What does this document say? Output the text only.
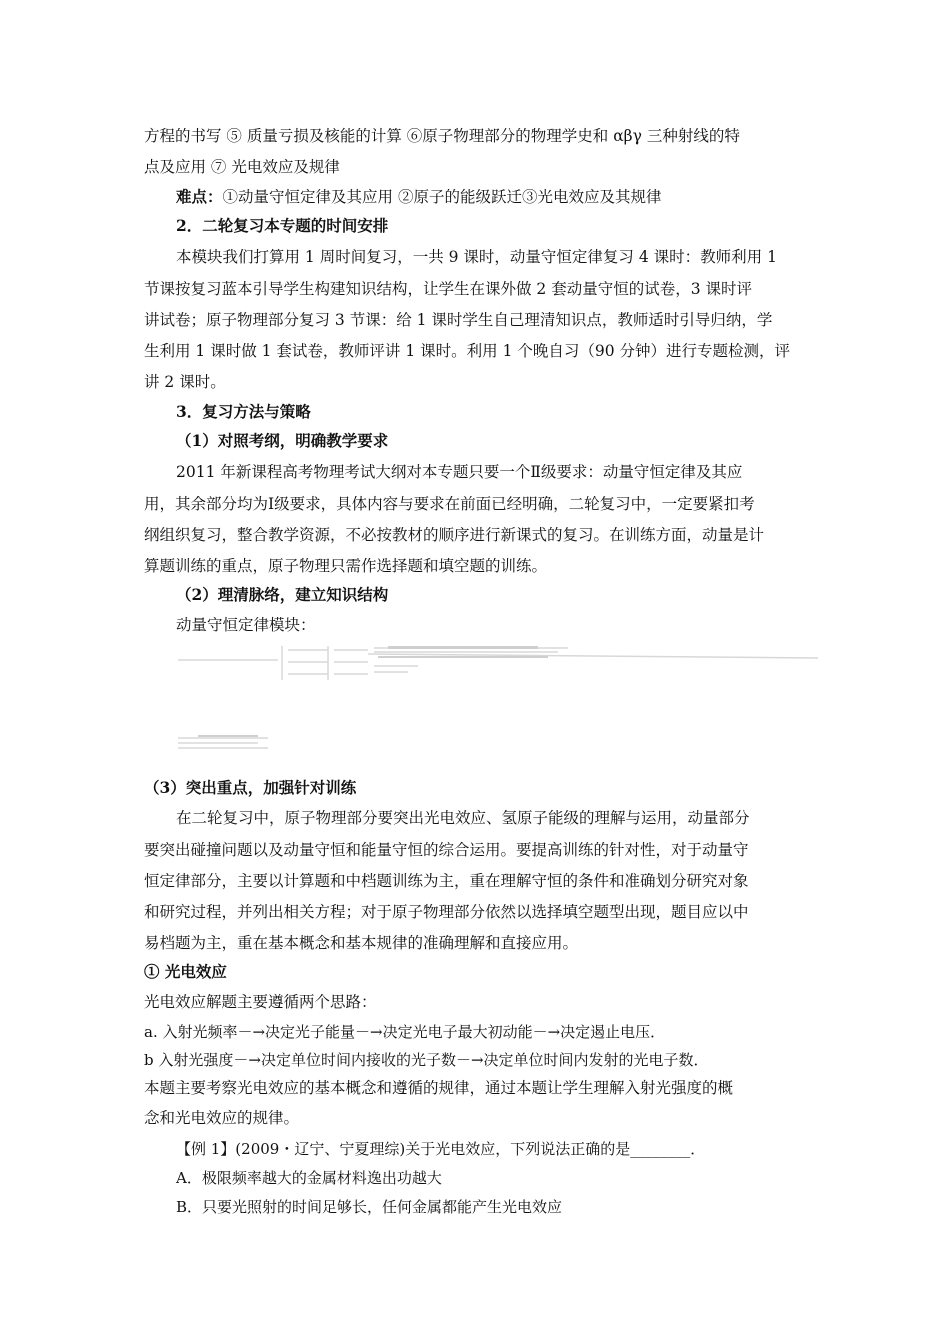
方程的书写 ⑤ 质量亏损及核能的计算 ⑥原子物理部分的物理学史和 αβγ 三种射线的特
点及应用 ⑦ 光电效应及规律
难点：①动量守恒定律及其应用 ②原子的能级跃迁③光电效应及其规律
2．二轮复习本专题的时间安排
本模块我们打算用 1 周时间复习，一共 9 课时，动量守恒定律复习 4 课时：教师利用 1
节课按复习蓝本引导学生构建知识结构，让学生在课外做 2 套动量守恒的试卷，3 课时评
讲试卷；原子物理部分复习 3 节课：给 1 课时学生自己理清知识点，教师适时引导归纳，学
生利用 1 课时做 1 套试卷，教师评讲 1 课时。利用 1 个晚自习（90 分钟）进行专题检测，评
讲 2 课时。
3．复习方法与策略
（1）对照考纲，明确教学要求
2011 年新课程高考物理考试大纲对本专题只要一个Ⅱ级要求：动量守恒定律及其应
用，其余部分均为Ⅰ级要求，具体内容与要求在前面已经明确，二轮复习中，一定要紧扣考
纲组织复习，整合教学资源，不必按教材的顺序进行新课式的复习。在训练方面，动量是计
算题训练的重点，原子物理只需作选择题和填空题的训练。
（2）理清脉络，建立知识结构
动量守恒定律模块：
（3）突出重点，加强针对训练
在二轮复习中，原子物理部分要突出光电效应、氢原子能级的理解与运用，动量部分
要突出碰撞问题以及动量守恒和能量守恒的综合运用。要提高训练的针对性，对于动量守
恒定律部分，主要以计算题和中档题训练为主，重在理解守恒的条件和准确划分研究对象
和研究过程，并列出相关方程；对于原子物理部分依然以选择填空题型出现，题目应以中
易档题为主，重在基本概念和基本规律的准确理解和直接应用。
① 光电效应
光电效应解题主要遵循两个思路：
a. 入射光频率－→决定光子能量－→决定光电子最大初动能－→决定遏止电压．
b 入射光强度－→决定单位时间内接收的光子数－→决定单位时间内发射的光电子数．
本题主要考察光电效应的基本概念和遵循的规律，通过本题让学生理解入射光强度的概
念和光电效应的规律。
【例 1】(2009・辽宁、宁夏理综)关于光电效应，下列说法正确的是________．
A．极限频率越大的金属材料逸出功越大
B．只要光照射的时间足够长，任何金属都能产生光电效应
